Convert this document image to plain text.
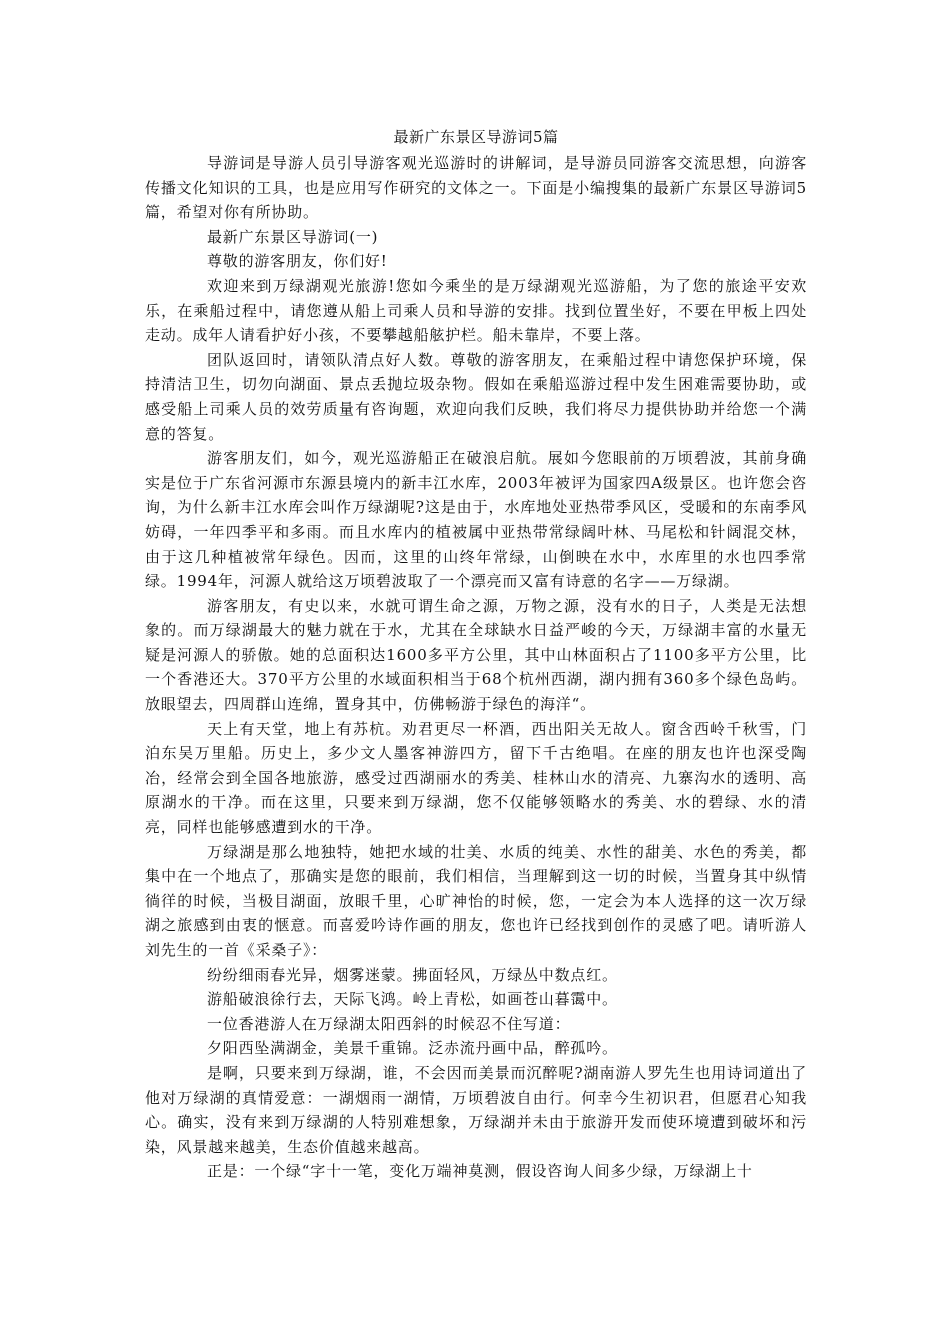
最新广东景区导游词5篇

导游词是导游人员引导游客观光巡游时的讲解词，是导游员同游客交流思想，向游客传播文化知识的工具，也是应用写作研究的文体之一。下面是小编搜集的最新广东景区导游词5篇，希望对你有所协助。

最新广东景区导游词(一)

尊敬的游客朋友，你们好!

欢迎来到万绿湖观光旅游!您如今乘坐的是万绿湖观光巡游船，为了您的旅途平安欢乐，在乘船过程中，请您遵从船上司乘人员和导游的安排。找到位置坐好，不要在甲板上四处走动。成年人请看护好小孩，不要攀越船舷护栏。船未靠岸，不要上落。

团队返回时，请领队清点好人数。尊敬的游客朋友，在乘船过程中请您保护环境，保持清洁卫生，切勿向湖面、景点丢抛垃圾杂物。假如在乘船巡游过程中发生困难需要协助，或感受船上司乘人员的效劳质量有咨询题，欢迎向我们反映，我们将尽力提供协助并给您一个满意的答复。

游客朋友们，如今，观光巡游船正在破浪启航。展如今您眼前的万顷碧波，其前身确实是位于广东省河源市东源县境内的新丰江水库，2003年被评为国家四A级景区。也许您会咨询，为什么新丰江水库会叫作万绿湖呢?这是由于，水库地处亚热带季风区，受暖和的东南季风妨碍，一年四季平和多雨。而且水库内的植被属中亚热带常绿阔叶林、马尾松和针阔混交林，由于这几种植被常年绿色。因而，这里的山终年常绿，山倒映在水中，水库里的水也四季常绿。1994年，河源人就给这万顷碧波取了一个漂亮而又富有诗意的名字——万绿湖。

游客朋友，有史以来，水就可谓生命之源，万物之源，没有水的日子，人类是无法想象的。而万绿湖最大的魅力就在于水，尤其在全球缺水日益严峻的今天，万绿湖丰富的水量无疑是河源人的骄傲。她的总面积达1600多平方公里，其中山林面积占了1100多平方公里，比一个香港还大。370平方公里的水域面积相当于68个杭州西湖，湖内拥有360多个绿色岛屿。放眼望去，四周群山连绵，置身其中，仿佛畅游于绿色的海洋“。

天上有天堂，地上有苏杭。劝君更尽一杯酒，西出阳关无故人。窗含西岭千秋雪，门泊东吴万里船。历史上，多少文人墨客神游四方，留下千古绝唱。在座的朋友也许也深受陶冶，经常会到全国各地旅游，感受过西湖丽水的秀美、桂林山水的清亮、九寨沟水的透明、高原湖水的干净。而在这里，只要来到万绿湖，您不仅能够领略水的秀美、水的碧绿、水的清亮，同样也能够感遭到水的干净。

万绿湖是那么地独特，她把水域的壮美、水质的纯美、水性的甜美、水色的秀美，都集中在一个地点了，那确实是您的眼前，我们相信，当理解到这一切的时候，当置身其中纵情徜徉的时候，当极目湖面，放眼千里，心旷神怡的时候，您，一定会为本人选择的这一次万绿湖之旅感到由衷的惬意。而喜爱吟诗作画的朋友，您也许已经找到创作的灵感了吧。请听游人刘先生的一首《采桑子》：

纷纷细雨春光异，烟雾迷蒙。拂面轻风，万绿丛中数点红。

游船破浪徐行去，天际飞鸿。岭上青松，如画苍山暮霭中。

一位香港游人在万绿湖太阳西斜的时候忍不住写道：

夕阳西坠满湖金，美景千重锦。泛赤流丹画中品，醉孤吟。

是啊，只要来到万绿湖，谁，不会因而美景而沉醉呢?湖南游人罗先生也用诗词道出了他对万绿湖的真情爱意：一湖烟雨一湖情，万顷碧波自由行。何幸今生初识君，但愿君心知我心。确实，没有来到万绿湖的人特别难想象，万绿湖并未由于旅游开发而使环境遭到破坏和污染，风景越来越美，生态价值越来越高。

正是：一个绿“字十一笔，变化万端神莫测，假设咨询人间多少绿，万绿湖上十
